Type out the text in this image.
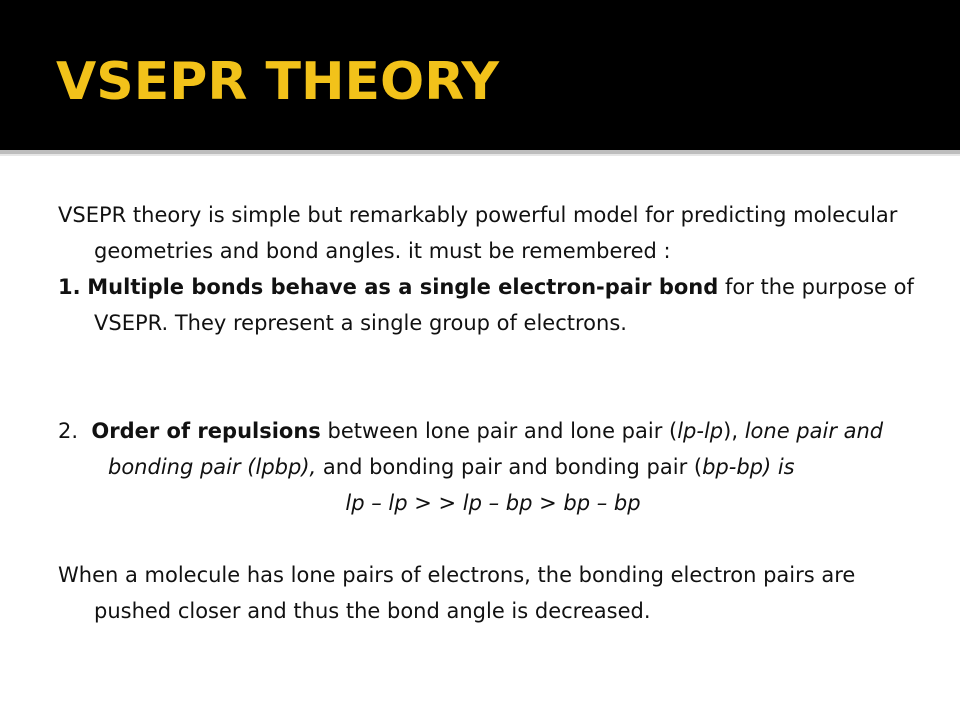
VSEPR THEORY

VSEPR theory is simple but remarkably powerful model for predicting molecular geometries and bond angles. it must be remembered :

1. Multiple bonds behave as a single electron-pair bond for the purpose of VSEPR. They represent a single group of electrons.

2. Order of repulsions between lone pair and lone pair (lp-lp), lone pair and bonding pair (lpbp), and bonding pair and bonding pair (bp-bp) is

lp – lp > > lp – bp > bp – bp

When a molecule has lone pairs of electrons, the bonding electron pairs are pushed closer and thus the bond angle is decreased.
